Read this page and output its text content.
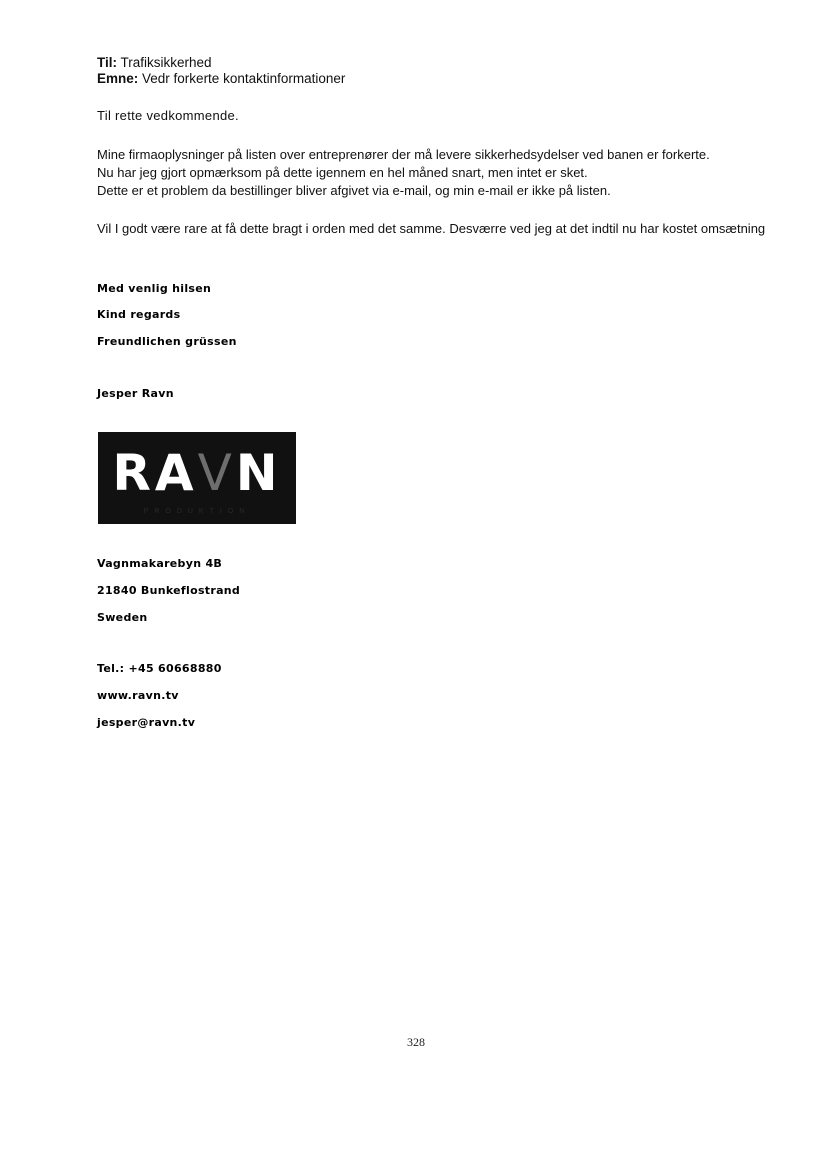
Til: Trafiksikkerhed
Emne: Vedr forkerte kontaktinformationer
Til rette vedkommende.
Mine firmaoplysninger på listen over entreprenører der må levere sikkerhedsydelser ved banen er forkerte.
Nu har jeg gjort opmærksom på dette igennem en hel måned snart, men intet er sket.
Dette er et problem da bestillinger bliver afgivet via e-mail, og min e-mail er ikke på listen.
Vil I godt være rare at få dette bragt i orden med det samme. Desværre ved jeg at det indtil nu har kostet omsætning
Med venlig hilsen
Kind regards
Freundlichen grüssen
Jesper Ravn
RAVN
PRODUKTION
Vagnmakarebyn 4B
21840 Bunkeflostrand
Sweden
Tel.: +45 60668880
www.ravn.tv
jesper@ravn.tv
328
